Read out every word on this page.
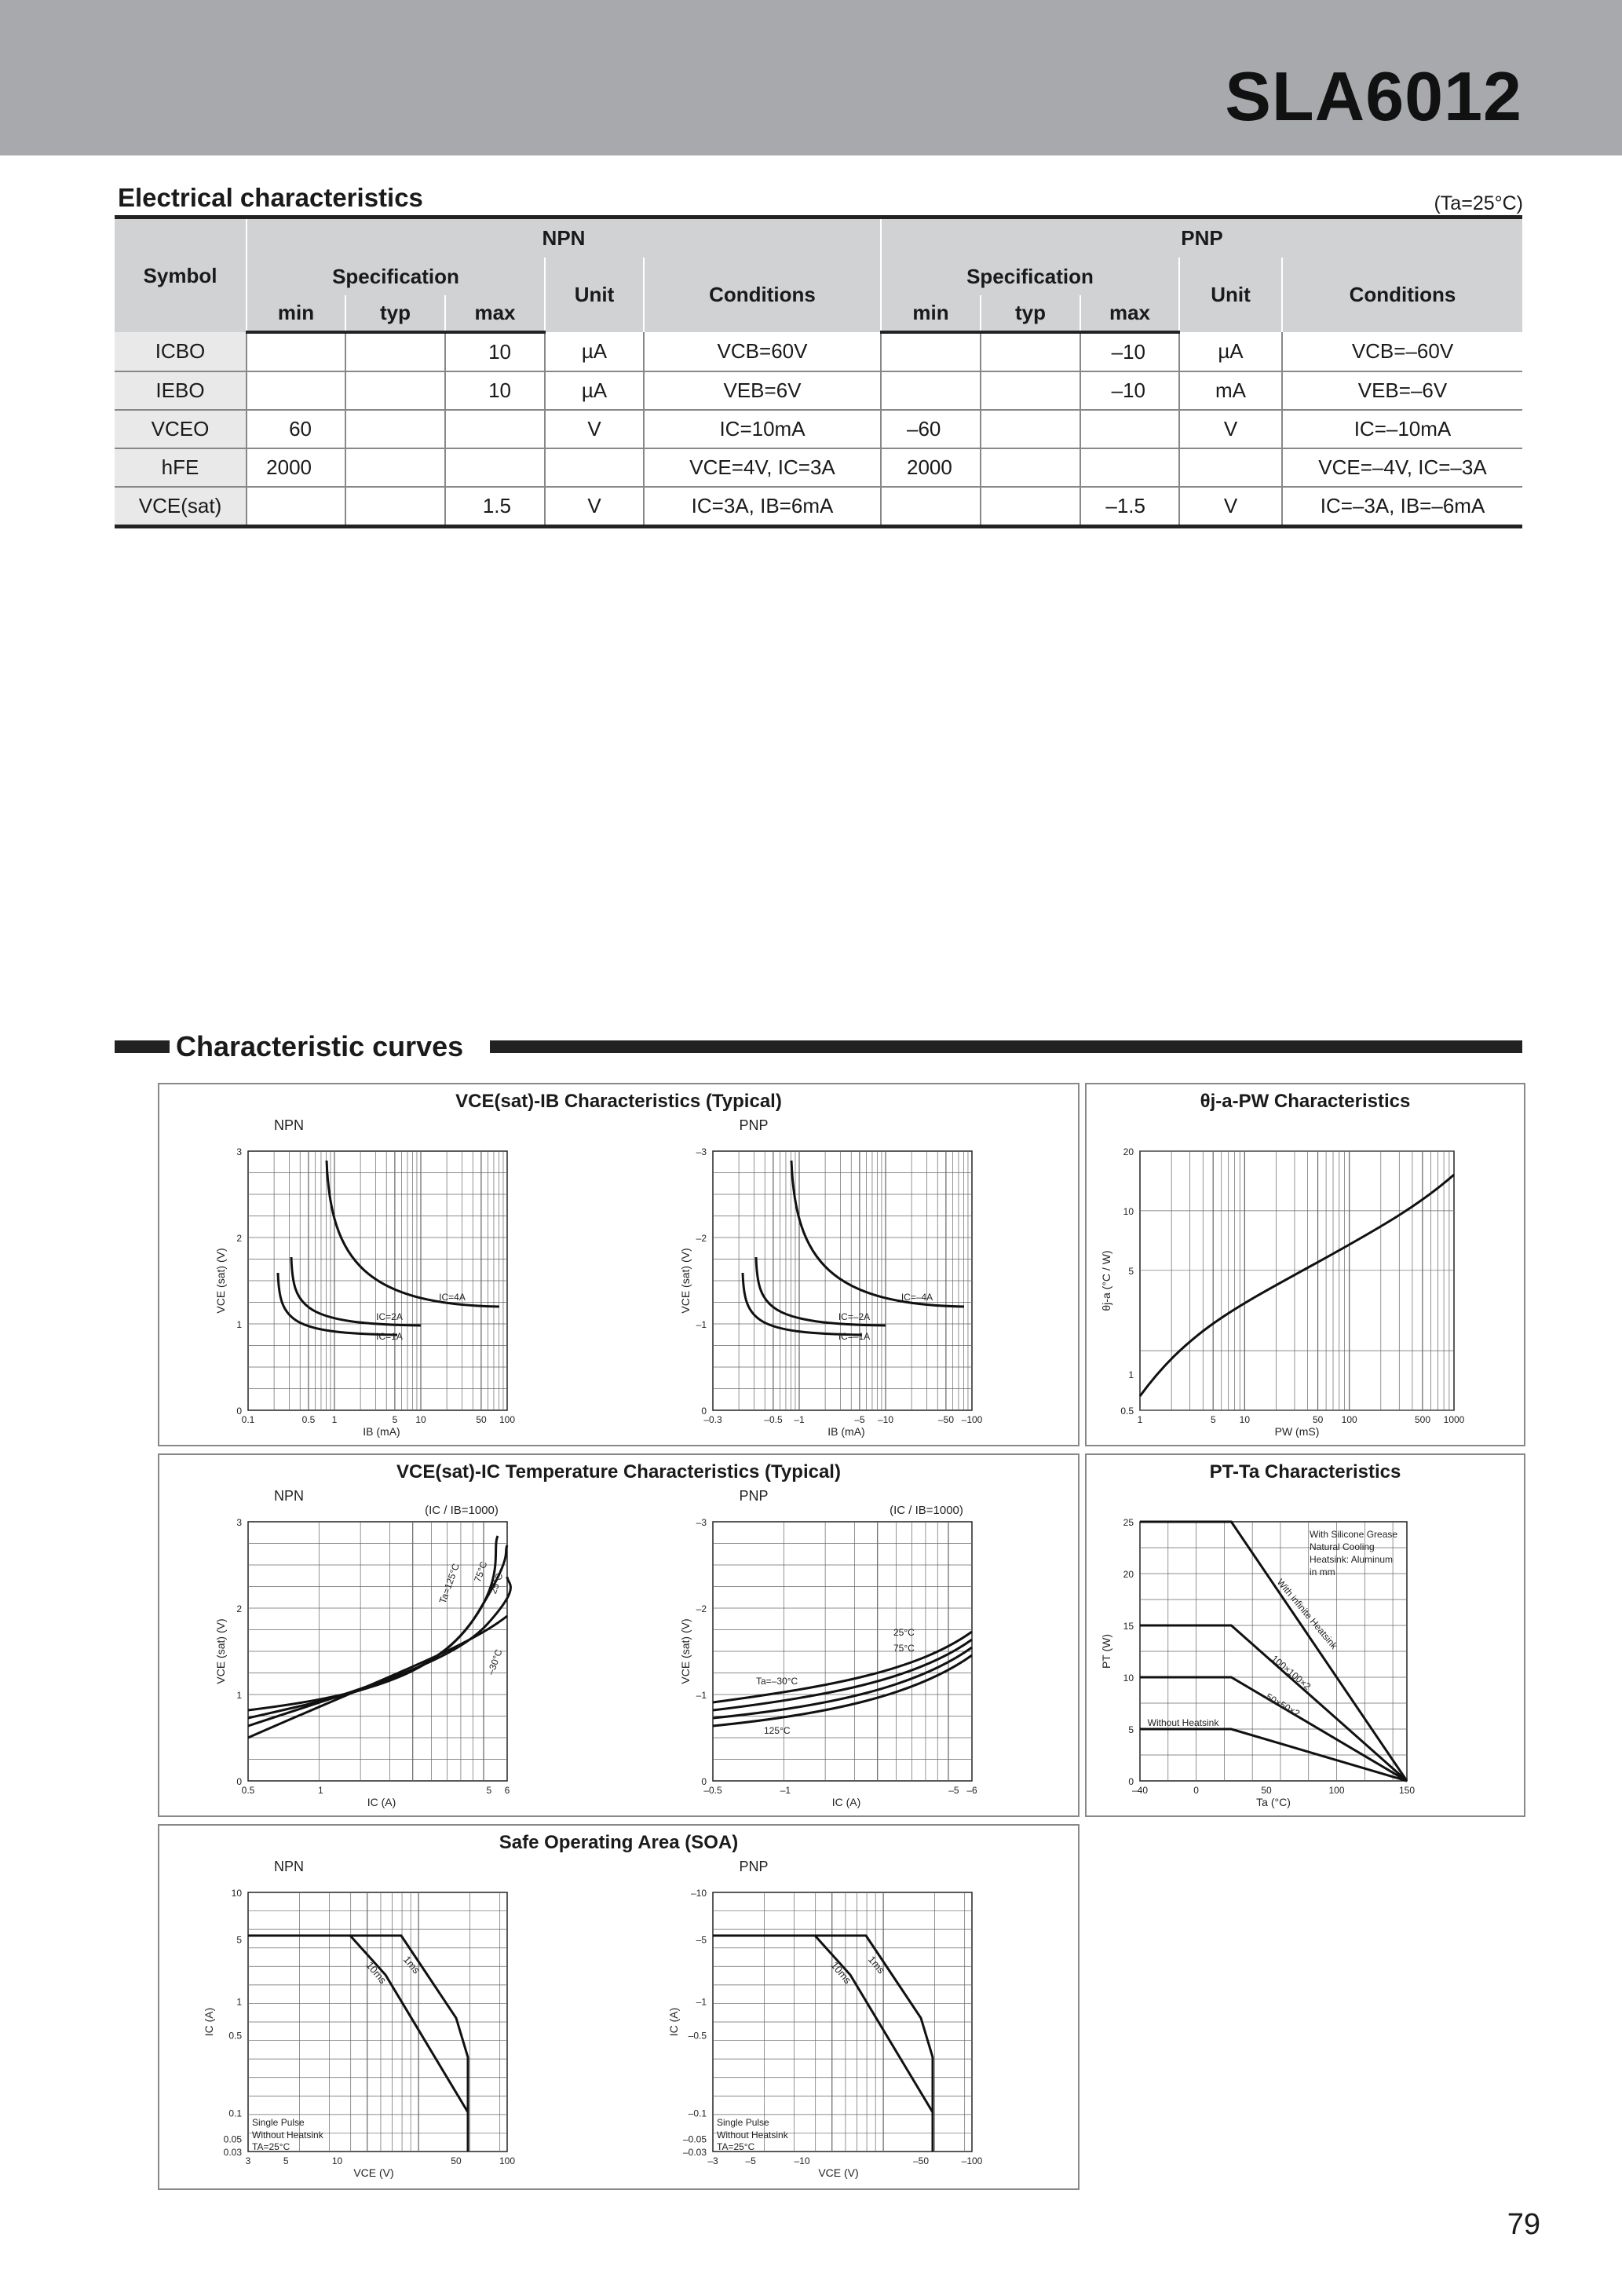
SLA6012
Electrical characteristics	(Ta=25°C)
Symbol	NPN					PNP				
	Specification			Unit	Conditions	Specification			Unit	Conditions
	min	typ	max			min	typ	max		
ICBO			10	µA	VCB=60V			–10	µA	VCB=–60V
IEBO			10	µA	VEB=6V			–10	mA	VEB=–6V
VCEO	60			V	IC=10mA	–60			V	IC=–10mA
hFE	2000				VCE=4V, IC=3A	2000				VCE=–4V, IC=–3A
VCE(sat)			1.5	V	IC=3A, IB=6mA			–1.5	V	IC=–3A, IB=–6mA
Characteristic curves
VCE(sat)-IB Characteristics (Typical)
NPN
3
2
1
0
0.1	0.5 1	5 10	50 100
VCE (sat) (V)
IB (mA)
IC=4A
IC=2A
IC=1A
PNP
–3
–2
–1
0
–0.3	–0.5 –1	–5 –10	–50 –100
VCE (sat) (V)
IB (mA)
IC=–4A
IC=–2A
IC=–1A
θj-a-PW Characteristics
20
10
5
1
0.5
1	5 10	50 100	500 1000
θj-a (°C / W)
PW (mS)
VCE(sat)-IC Temperature Characteristics (Typical)
NPN
(IC / IB=1000)
3
2
1
0
0.5	1	5 6
VCE (sat) (V)
IC (A)
Ta=125°C 75°C
25°C
–30°C
PNP
(IC / IB=1000)
–3
–2
–1
0
–0.5	–1	–5 –6
VCE (sat) (V)
IC (A)
25°C
75°C
Ta=–30°C
125°C
PT-Ta Characteristics
25
20
15
10
5
0
–40	0	50	100	150
PT (W)
Ta (°C)
With Silicone Grease
Natural Cooling
Heatsink: Aluminum
in mm
With infinite Heatsink
100×100×2
50×50×2
Without Heatsink
Safe Operating Area (SOA)
NPN
10
5
1
0.5
0.1
0.05
0.03
3	5	10	50	100
IC (A)
VCE (V)
1ms
10ms
Single Pulse
Without Heatsink
TA=25°C
PNP
–10
–5
–1
–0.5
–0.1
–0.05
–0.03
–3	–5	–10	–50	–100
IC (A)
VCE (V)
1ms
10ms
Single Pulse
Without Heatsink
TA=25°C
79
